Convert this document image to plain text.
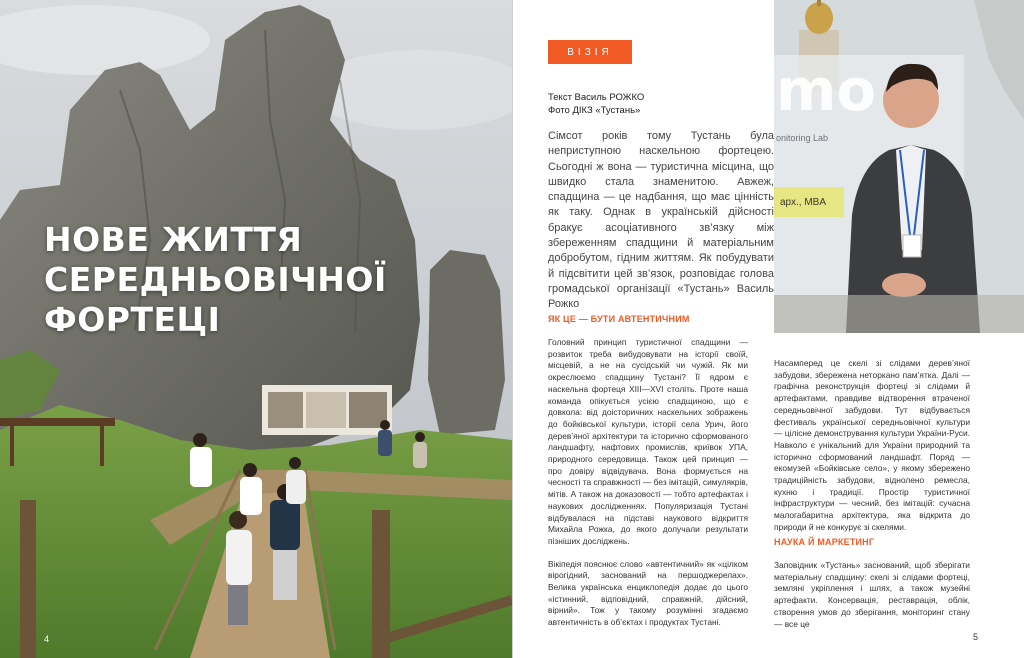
НОВЕ ЖИТТЯ
СЕРЕДНЬОВІЧНОЇ
ФОРТЕЦІ
4
ВІЗІЯ
Текст Василь РОЖКО
Фото ДІКЗ «Тустань»

Сімсот років тому Тустань була неприступною наскельною фортецею. Сьогодні ж вона — туристична місцина, що швидко стала знаменитою. Авжеж, спадщина — це надбання, що має цінність як таку. Однак в українській дійсності бракує асоціативного зв’язку між збереженням спадщини й матеріальним добробутом, гідним життям. Як побудувати й підсвітити цей зв’язок, розповідає голова громадської організації «Тустань» Василь Рожко

mo
onitoring Lab
арх., MBA
ЯК ЦЕ — БУТИ АВТЕНТИЧНИМ

Головний принцип туристичної спадщини — розвиток треба вибудовувати на історії своїй, місцевій, а не на сусідській чи чужій. Як ми окреслюємо спадщину Тустані? Її ядром є наскельна фортеця XIII—XVI століть. Проте наша команда опікується усією спадщиною, що є довкола: від доісторичних наскельних зображень до бойківської культури, історії села Урич, його дерев’яної архітектури та історично сформованого ландшафту, нафтових промислів, криївок УПА, природного середовища. Також цей принцип — про довіру відвідувача. Вона формується на чесності та справжності — без імітацій, симулякрів, мітів. А також на доказовості — тобто артефактах і наукових дослідженнях. Популяризація Тустані відбувалася на підставі наукового відкриття Михайла Рожка, до якого долучали результати пізніших досліджень.

Вікіпедія пояснює слово «автентичний» як «цілком вірогідний, заснований на першоджерелах». Велика українська енциклопедія додає до цього «істинний, відповідний, справжній, дійсний, вірний». Тож у такому розумінні згадаємо автентичність в об’єктах і продуктах Тустані.

Насамперед це скелі зі слідами дерев’яної забудови, збережена неторкано пам’ятка. Далі — графічна реконструкція фортеці зі слідами й артефактами, правдиве відтворення втраченої середньовічної забудови. Тут відбувається фестиваль української середньовічної культури — цілісне демонстрування культури України-Руси. Навколо є унікальний для України природний та історично сформований ландшафт. Поряд — екомузей «Бойківське село», у якому збережено традиційність забудови, віднолено ремесла, кухню і традиції. Простір туристичної інфраструктури — чесний, без імітацій: сучасна малогабаритна архітектура, яка відкрита до природи й не конкурує зі скелями.

НАУКА Й МАРКЕТИНГ

Заповідник «Тустань» заснований, щоб зберігати матеріальну спадщину: скелі зі слідами фортеці, земляні укріплення і шлях, а також музейні артефакти. Консервація, реставрація, облік, створення умов до зберігання, моніторинг стану — все це

5
